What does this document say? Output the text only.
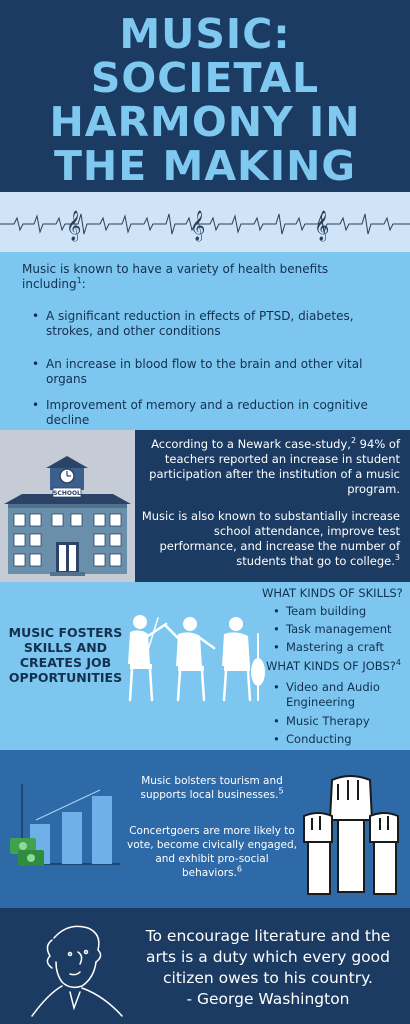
MUSIC:
SOCIETAL
HARMONY IN
THE MAKING
𝄞	𝄞	𝄞
Music is known to have a variety of health benefits including$^1$:
• A significant reduction in effects of PTSD, diabetes, strokes, and other conditions
• An increase in blood flow to the brain and other vital organs
• Improvement of memory and a reduction in cognitive decline
SCHOOL

According to a Newark case-study,$^2$ 94% of teachers reported an increase in student participation after the institution of a music program.

Music is also known to substantially increase school attendance, improve test performance, and increase the number of students that go to college.$^3$

MUSIC FOSTERS SKILLS AND CREATES JOB OPPORTUNITIES
WHAT KINDS OF SKILLS?
• Team building
• Task management
• Mastering a craft
WHAT KINDS OF JOBS?$^4$
• Video and Audio Engineering
• Music Therapy
• Conducting
Music bolsters tourism and supports local businesses.$^5$
Concertgoers are more likely to vote, become civically engaged, and exhibit pro-social behaviors.$^6$
To encourage literature and the arts is a duty which every good citizen owes to his country.
- George Washington
